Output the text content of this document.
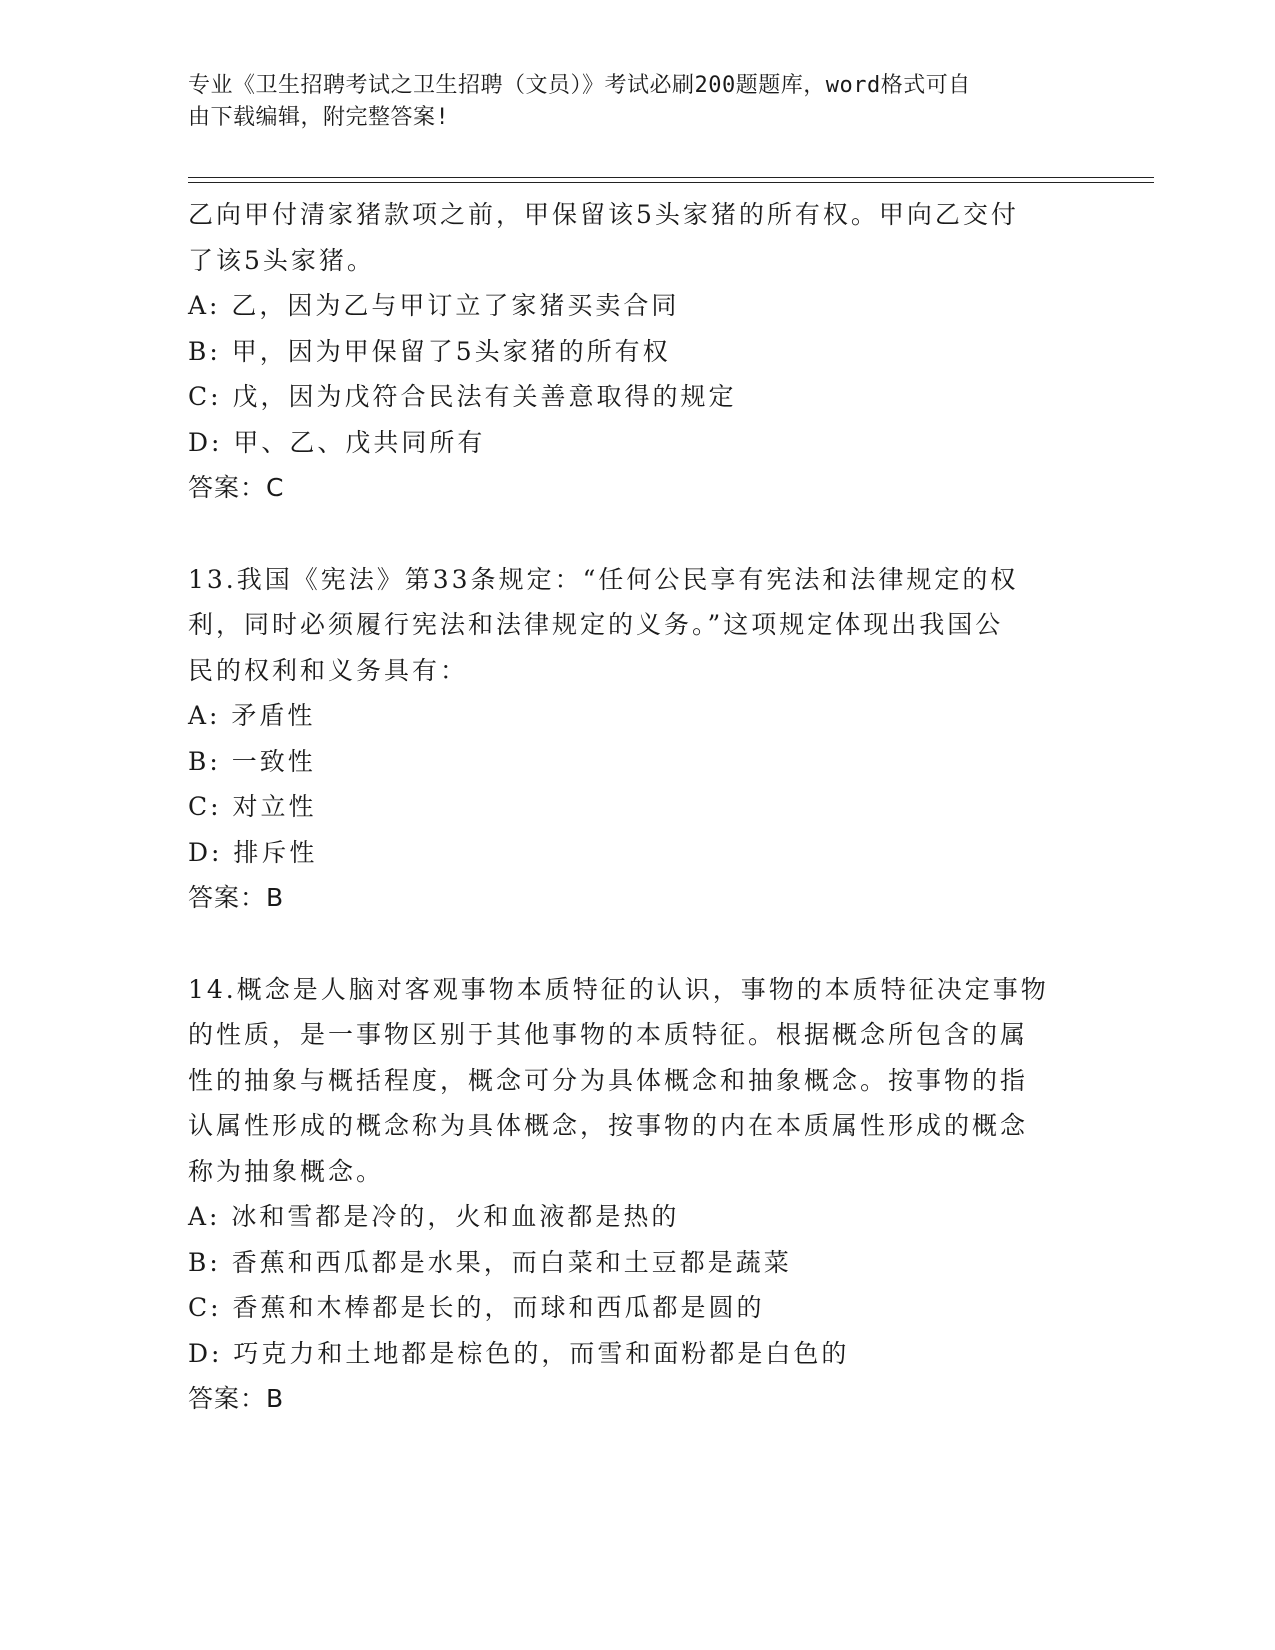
专业《卫生招聘考试之卫生招聘（文员）》考试必刷200题题库，word格式可自
由下载编辑，附完整答案!
乙向甲付清家猪款项之前，甲保留该5头家猪的所有权。甲向乙交付
了该5头家猪。
A: 乙，因为乙与甲订立了家猪买卖合同
B: 甲，因为甲保留了5头家猪的所有权
C: 戊，因为戊符合民法有关善意取得的规定
D: 甲、乙、戊共同所有
答案：C
13.我国《宪法》第33条规定：“任何公民享有宪法和法律规定的权
利，同时必须履行宪法和法律规定的义务。”这项规定体现出我国公
民的权利和义务具有：
A: 矛盾性
B: 一致性
C: 对立性
D: 排斥性
答案：B
14.概念是人脑对客观事物本质特征的认识，事物的本质特征决定事物
的性质，是一事物区别于其他事物的本质特征。根据概念所包含的属
性的抽象与概括程度，概念可分为具体概念和抽象概念。按事物的指
认属性形成的概念称为具体概念，按事物的内在本质属性形成的概念
称为抽象概念。
A: 冰和雪都是冷的，火和血液都是热的
B: 香蕉和西瓜都是水果，而白菜和土豆都是蔬菜
C: 香蕉和木棒都是长的，而球和西瓜都是圆的
D: 巧克力和土地都是棕色的，而雪和面粉都是白色的
答案：B
